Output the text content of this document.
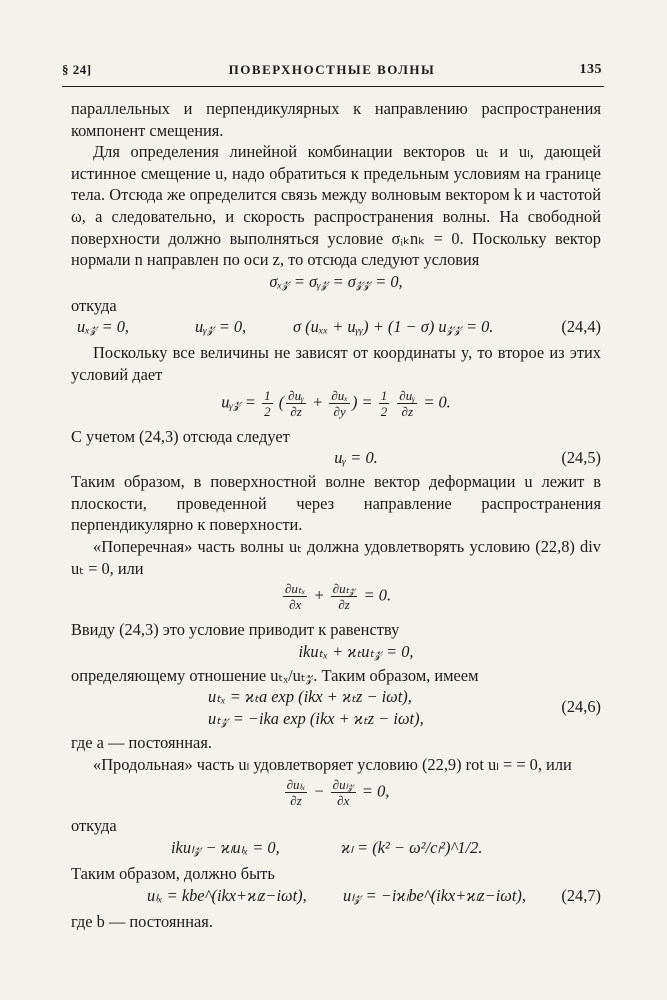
§ 24]	ПОВЕРХНОСТНЫЕ ВОЛНЫ	135

параллельных и перпендикулярных к направлению распространения компонент смещения.

Для определения линейной комбинации векторов uₜ и uₗ, дающей истинное смещение u, надо обратиться к предельным условиям на границе тела. Отсюда же определится связь между волновым вектором k и частотой ω, а следовательно, и скорость распространения волны. На свободной поверхности должно выполняться условие σᵢₖnₖ = 0. Поскольку вектор нормали n направлен по оси z, то отсюда следуют условия

σₓ𝓏 = σᵧ𝓏 = σ𝓏𝓏 = 0,

откуда

uₓ𝓏 = 0,	uᵧ𝓏 = 0,	σ (uₓₓ + uᵧᵧ) + (1 − σ) u𝓏𝓏 = 0.	(24,4)

Поскольку все величины не зависят от координаты y, то второе из этих условий дает

uᵧ𝓏 = $\frac{1}{2}$ ( $\frac{\text{∂uᵧ}}{\partial z} + \frac{\text{∂uₓ}}{\partial y}$ ) = $\frac{1}{2}$
$\frac{\text{∂uᵧ}}{\partial z} = 0$.

С учетом (24,3) отсюда следует

uᵧ = 0.	(24,5)

Таким образом, в поверхностной волне вектор деформации u лежит в плоскости, проведенной через направление распространения перпендикулярно к поверхности.

«Поперечная» часть волны uₜ должна удовлетворять условию (22,8) div uₜ = 0, или

$\frac{\text{∂uₜₓ}}{\partial x} + \frac{\text{∂uₜ𝓏}}{\partial z} = 0$.

Ввиду (24,3) это условие приводит к равенству

ikuₜₓ + ϰₜuₜ𝓏 = 0,

определяющему отношение uₜₓ/uₜ𝓏. Таким образом, имеем

uₜₓ = ϰₜa exp (ikx + ϰₜz − iωt),
uₜ𝓏 = −ika exp (ikx + ϰₜz − iωt),
(24,6)

где a — постоянная.

«Продольная» часть uₗ удовлетворяет условию (22,9) rot uₗ = = 0, или

$\frac{\text{∂uₗₓ}}{\partial z} - \frac{\text{∂uₗ𝓏}}{\partial x} = 0$,

откуда

ikuₗ𝓏 − ϰₗuₗₓ = 0,	ϰₗ = (k² − ω²/cₗ²)^1/2.

Таким образом, должно быть

uₗₓ = kbe^(ikx+ϰₗz−iωt), uₗ𝓏 = −iϰₗbe^(ikx+ϰₗz−iωt), (24,7)

где b — постоянная.
